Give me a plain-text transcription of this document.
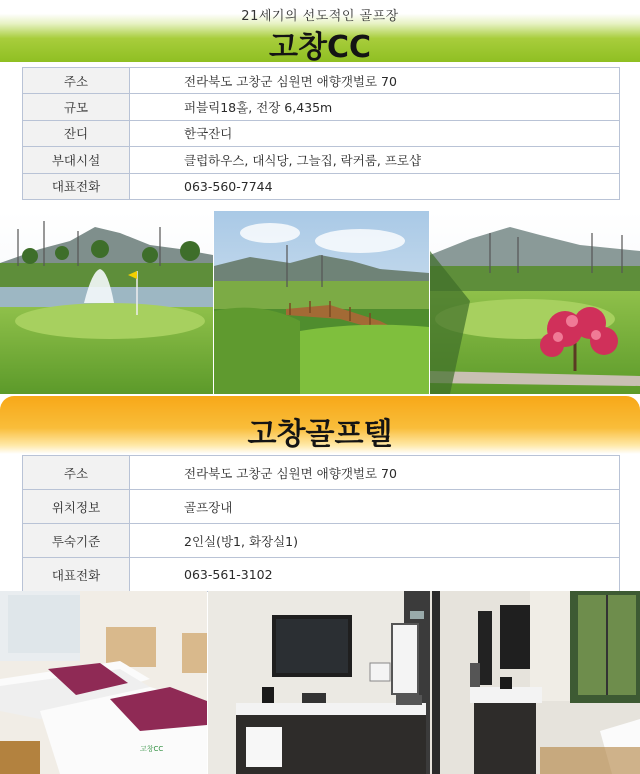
21세기의 선도적인 골프장
고창CC
주소	전라북도 고창군 심원면 애향갯벌로 70
규모	퍼블릭18홀, 전장 6,435m
잔디	한국잔디
부대시설	클럽하우스, 대식당, 그늘집, 락커룸, 프로샵
대표전화	063-560-7744
고창골프텔
주소	전라북도 고창군 심원면 애향갯벌로 70
위치정보	골프장내
투숙기준	2인실(방1, 화장실1)
대표전화	063-561-3102
고창CC
